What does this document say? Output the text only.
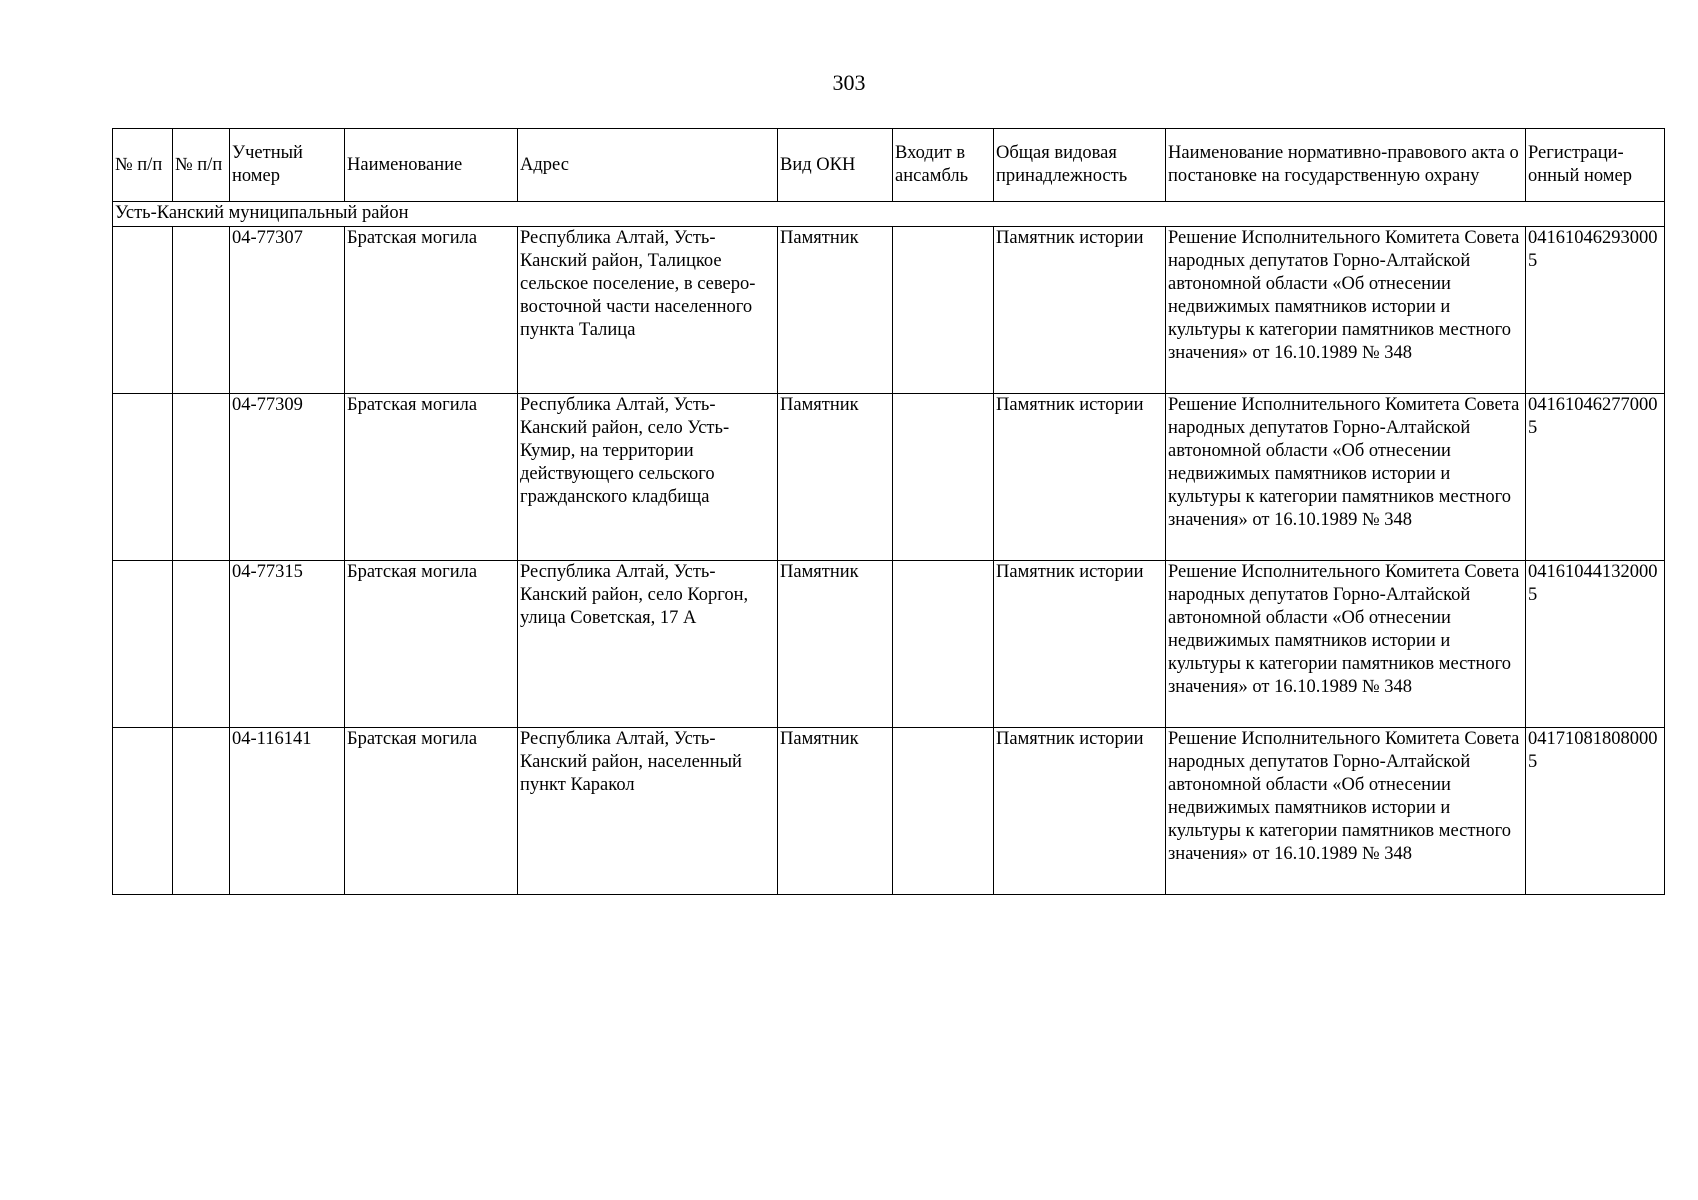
303
№ п/п	№ п/п	Учетный номер	Наименование	Адрес	Вид ОКН	Входит в ансамбль	Общая видовая принадлежность	Наименование нормативно-правового акта о постановке на государственную охрану	Регистраци-онный номер
Усть-Канский муниципальный район									
		04-77307	Братская могила	Республика Алтай, Усть-Канский район, Талицкое сельское поселение, в северо-восточной части населенного пункта Талица	Памятник		Памятник истории	Решение Исполнительного Комитета Совета народных депутатов Горно-Алтайской автономной области «Об отнесении недвижимых памятников истории и культуры к категории памятников местного значения» от 16.10.1989 № 348	041610462930005
		04-77309	Братская могила	Республика Алтай, Усть-Канский район, село Усть-Кумир, на территории действующего сельского гражданского кладбища	Памятник		Памятник истории	Решение Исполнительного Комитета Совета народных депутатов Горно-Алтайской автономной области «Об отнесении недвижимых памятников истории и культуры к категории памятников местного значения» от 16.10.1989 № 348	041610462770005
		04-77315	Братская могила	Республика Алтай, Усть-Канский район, село Коргон, улица Советская, 17 А	Памятник		Памятник истории	Решение Исполнительного Комитета Совета народных депутатов Горно-Алтайской автономной области «Об отнесении недвижимых памятников истории и культуры к категории памятников местного значения» от 16.10.1989 № 348	041610441320005
		04-116141	Братская могила	Республика Алтай, Усть-Канский район, населенный пункт Каракол	Памятник		Памятник истории	Решение Исполнительного Комитета Совета народных депутатов Горно-Алтайской автономной области «Об отнесении недвижимых памятников истории и культуры к категории памятников местного значения» от 16.10.1989 № 348	041710818080005
